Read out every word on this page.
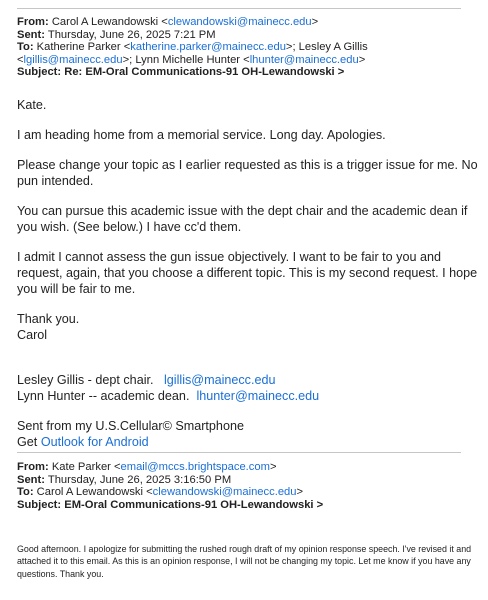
From: Carol A Lewandowski <clewandowski@mainecc.edu>
Sent: Thursday, June 26, 2025 7:21 PM
To: Katherine Parker <katherine.parker@mainecc.edu>; Lesley A Gillis
<lgillis@mainecc.edu>; Lynn Michelle Hunter <lhunter@mainecc.edu>
Subject: Re: EM-Oral Communications-91 OH-Lewandowski >

Kate.

I am heading home from a memorial service. Long day. Apologies.

Please change your topic as I earlier requested as this is a trigger issue for me. No pun intended.

You can pursue this academic issue with the dept chair and the academic dean if you wish. (See below.) I have cc'd them.

I admit I cannot assess the gun issue objectively. I want to be fair to you and request, again, that you choose a different topic. This is my second request. I hope you will be fair to me.

Thank you.

Carol

Lesley Gillis - dept chair. lgillis@mainecc.edu

Lynn Hunter -- academic dean. lhunter@mainecc.edu

Sent from my U.S.Cellular© Smartphone

Get Outlook for Android

From: Kate Parker <email@mccs.brightspace.com>
Sent: Thursday, June 26, 2025 3:16:50 PM
To: Carol A Lewandowski <clewandowski@mainecc.edu>
Subject: EM-Oral Communications-91 OH-Lewandowski >
Good afternoon. I apologize for submitting the rushed rough draft of my opinion response speech. I've revised it and attached it to this email. As this is an opinion response, I will not be changing my topic. Let me know if you have any questions. Thank you.
